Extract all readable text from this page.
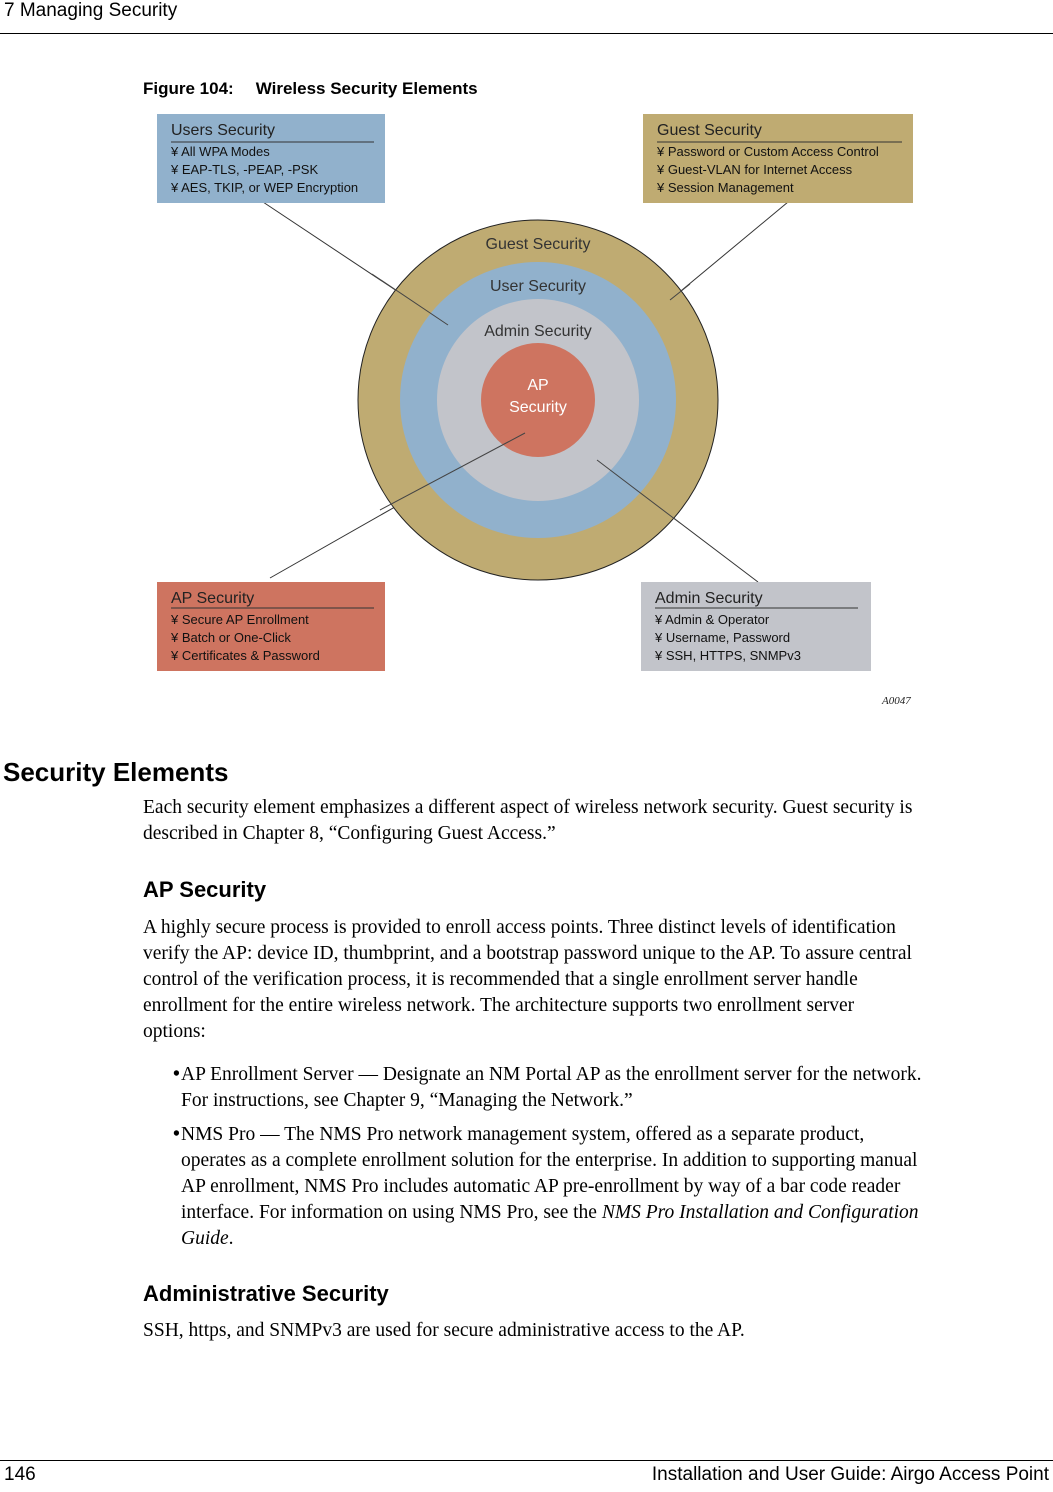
7 Managing Security
Figure 104: Wireless Security Elements
Guest Security
User Security
Admin Security
AP
Security
Users Security
¥ All WPA Modes
¥ EAP-TLS, -PEAP, -PSK
¥ AES, TKIP, or WEP Encryption
Guest Security
¥ Password or Custom Access Control
¥ Guest-VLAN for Internet Access
¥ Session Management
AP Security
¥ Secure AP Enrollment
¥ Batch or One-Click
¥ Certificates & Password
Admin Security
¥ Admin & Operator
¥ Username, Password
¥ SSH, HTTPS, SNMPv3
A0047
Security Elements
Each security element emphasizes a different aspect of wireless network security. Guest security is
described in Chapter 8, “Configuring Guest Access.”
AP Security
A highly secure process is provided to enroll access points. Three distinct levels of identification
verify the AP: device ID, thumbprint, and a bootstrap password unique to the AP. To assure central
control of the verification process, it is recommended that a single enrollment server handle
enrollment for the entire wireless network. The architecture supports two enrollment server
options:
• AP Enrollment Server — Designate an NM Portal AP as the enrollment server for the network.
For instructions, see Chapter 9, “Managing the Network.”
• NMS Pro — The NMS Pro network management system, offered as a separate product,
operates as a complete enrollment solution for the enterprise. In addition to supporting manual
AP enrollment, NMS Pro includes automatic AP pre-enrollment by way of a bar code reader
interface. For information on using NMS Pro, see the NMS Pro Installation and Configuration
Guide.
Administrative Security
SSH, https, and SNMPv3 are used for secure administrative access to the AP.
146	Installation and User Guide: Airgo Access Point
